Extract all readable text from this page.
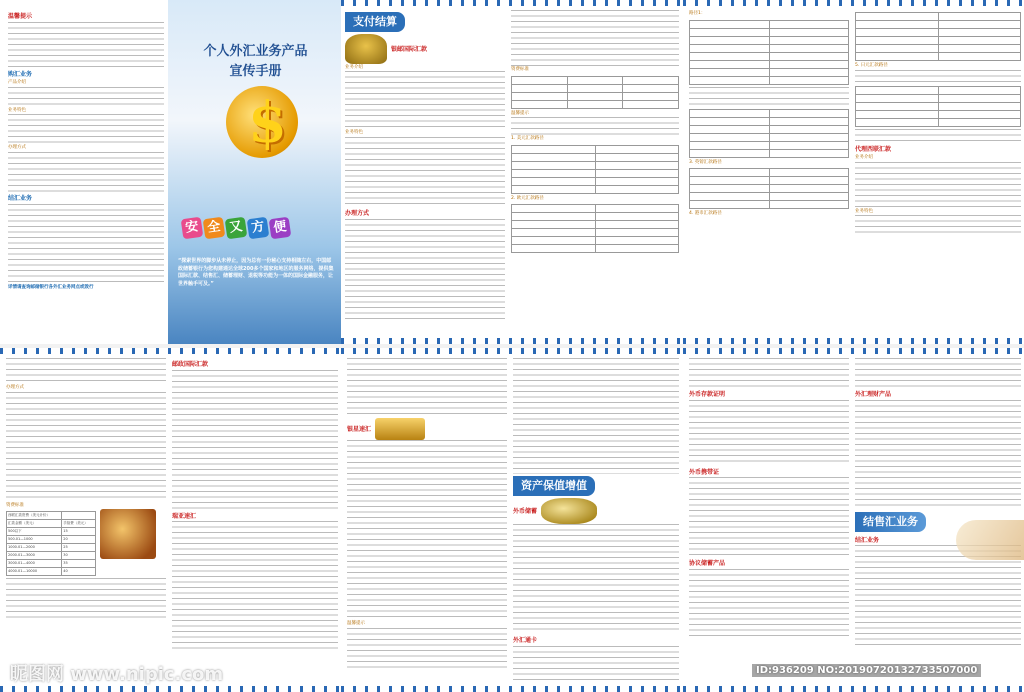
温馨提示
购汇业务
产品介绍
业务特色
办理方式
结汇业务
详情请查询邮储银行各外汇业务网点或致行
个人外汇业务产品
宣传手册
$
安 全 又 方 便
“探索世界的脚步从未停止，因为总有一份秘心支持相随左右，中国邮政储蓄银行为您构建通达全球200多个国家和地区的服务网络，提供集国际汇款、结售汇、储蓄理财、退税等功能为一体的国际金融服务，让世界触手可及。”
支付结算
银邮国际汇款
业务介绍
业务特色
办理方式
资费标准

温馨提示
1. 美元汇款路径

2. 欧元汇款路径

路径1：

3. 英镑汇款路径

4. 港币汇款路径

5. 日元汇款路径

代理西联汇款
业务介绍
业务特色
办理方式
资费标准
西联汇款资费（美元计价）	
汇款金额（美元）	手续费（美元）
500以下	15
500.01—1000	20
1000.01—2000	25
2000.01—3000	30
3000.01—4000	35
4000.01—10000	40
邮政国际汇款
瑞亚速汇
银星速汇
温馨提示
资产保值增值
外币储蓄
外汇通卡
外币存款证明
外币携带证
协议储蓄产品
外汇理财产品
结售汇业务
结汇业务
昵图网 www.nipic.com	ID:936209 NO:20190720132733507000
